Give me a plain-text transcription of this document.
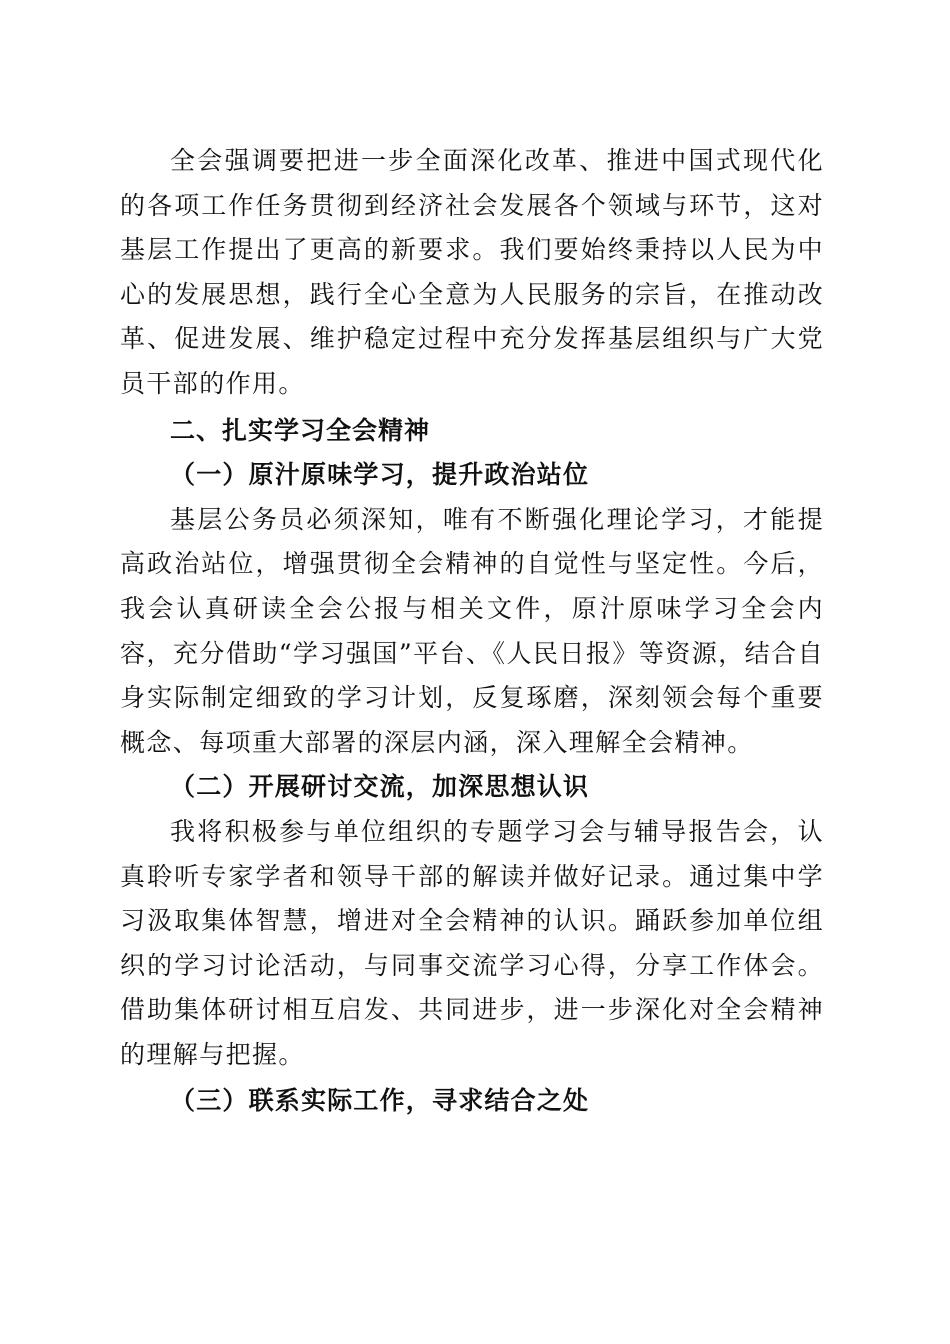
全会强调要把进一步全面深化改革、推进中国式现代化的各项工作任务贯彻到经济社会发展各个领域与环节，这对基层工作提出了更高的新要求。我们要始终秉持以人民为中心的发展思想，践行全心全意为人民服务的宗旨，在推动改革、促进发展、维护稳定过程中充分发挥基层组织与广大党员干部的作用。

二、扎实学习全会精神

（一）原汁原味学习，提升政治站位

基层公务员必须深知，唯有不断强化理论学习，才能提高政治站位，增强贯彻全会精神的自觉性与坚定性。今后，我会认真研读全会公报与相关文件，原汁原味学习全会内容，充分借助“学习强国”平台、《人民日报》等资源，结合自身实际制定细致的学习计划，反复琢磨，深刻领会每个重要概念、每项重大部署的深层内涵，深入理解全会精神。

（二）开展研讨交流，加深思想认识

我将积极参与单位组织的专题学习会与辅导报告会，认真聆听专家学者和领导干部的解读并做好记录。通过集中学习汲取集体智慧，增进对全会精神的认识。踊跃参加单位组织的学习讨论活动，与同事交流学习心得，分享工作体会。借助集体研讨相互启发、共同进步，进一步深化对全会精神的理解与把握。

（三）联系实际工作，寻求结合之处
